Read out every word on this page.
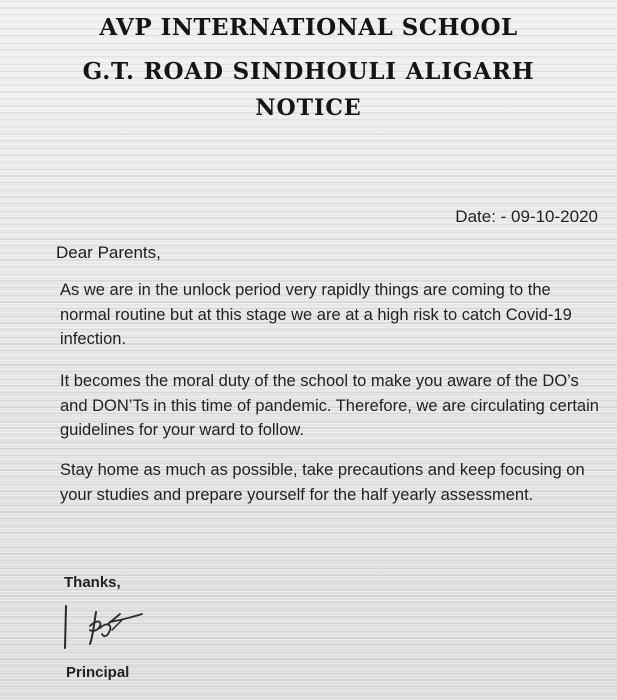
AVP INTERNATIONAL SCHOOL
G.T. ROAD SINDHOULI ALIGARH
NOTICE
Date: - 09-10-2020
Dear Parents,
As we are in the unlock period very rapidly things are coming to the normal routine but at this stage we are at a high risk to catch Covid-19 infection.
It becomes the moral duty of the school to make you aware of the DO’s and DON’Ts in this time of pandemic. Therefore, we are circulating certain guidelines for your ward to follow.
Stay home as much as possible, take precautions and keep focusing on your studies and prepare yourself for the half yearly assessment.
Thanks,
Principal
